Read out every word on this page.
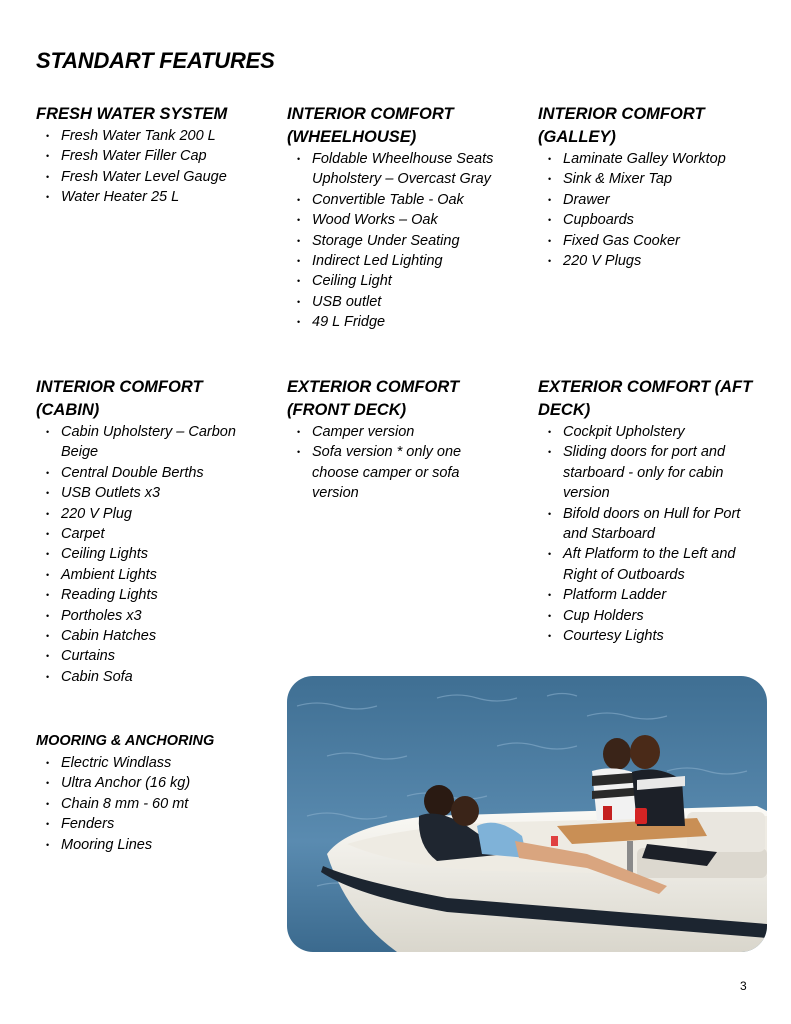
STANDART FEATURES
FRESH WATER SYSTEM
• Fresh Water Tank 200 L
• Fresh Water Filler Cap
• Fresh Water Level Gauge
• Water Heater 25 L
INTERIOR COMFORT (WHEELHOUSE)
• Foldable Wheelhouse Seats Upholstery – Overcast Gray
• Convertible Table - Oak
• Wood Works – Oak
• Storage Under Seating
• Indirect Led Lighting
• Ceiling Light
• USB outlet
• 49 L Fridge
INTERIOR COMFORT (GALLEY)
• Laminate Galley Worktop
• Sink & Mixer Tap
• Drawer
• Cupboards
• Fixed Gas Cooker
• 220 V Plugs
INTERIOR COMFORT (CABIN)
• Cabin Upholstery – Carbon Beige
• Central Double Berths
• USB Outlets x3
• 220 V Plug
• Carpet
• Ceiling Lights
• Ambient Lights
• Reading Lights
• Portholes x3
• Cabin Hatches
• Curtains
• Cabin Sofa
EXTERIOR COMFORT (FRONT DECK)
• Camper version
• Sofa version * only one choose camper or sofa version
EXTERIOR COMFORT (AFT DECK)
• Cockpit Upholstery
• Sliding doors for port and starboard - only for cabin version
• Bifold doors on Hull for Port and Starboard
• Aft Platform to the Left and Right of Outboards
• Platform Ladder
• Cup Holders
• Courtesy Lights
MOORING & ANCHORING
• Electric Windlass
• Ultra Anchor (16 kg)
• Chain 8 mm - 60 mt
• Fenders
• Mooring Lines
3
